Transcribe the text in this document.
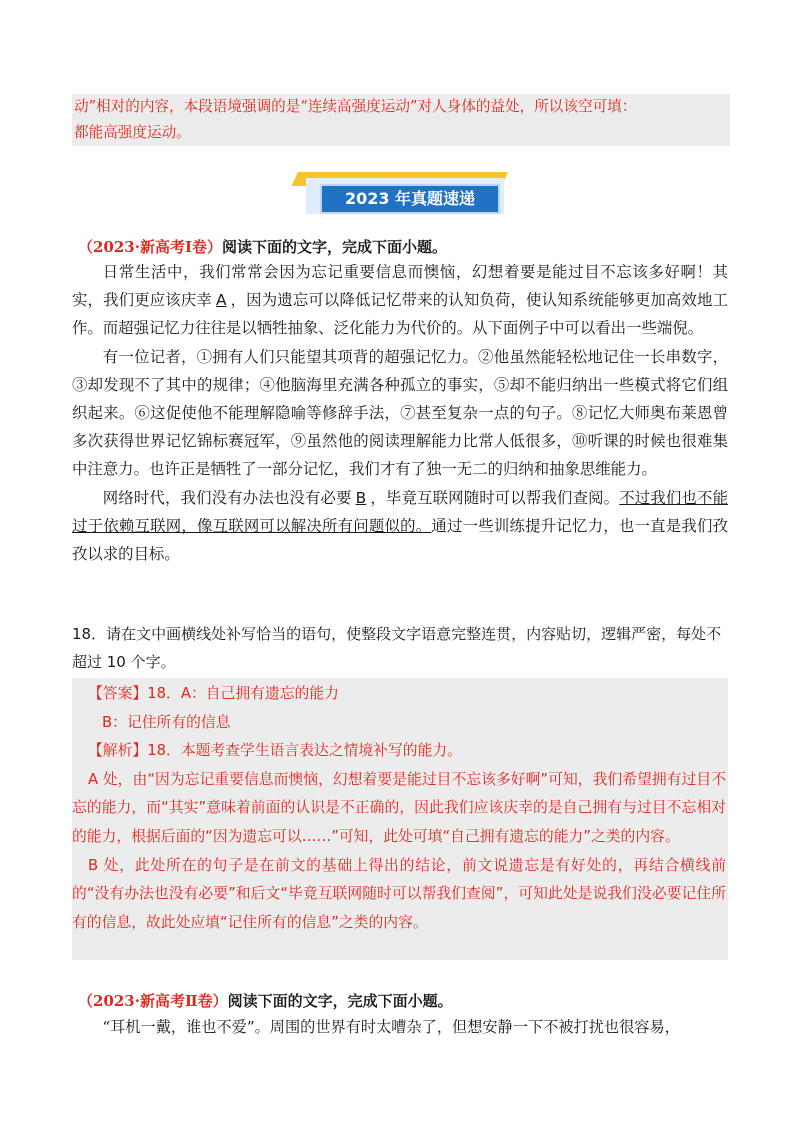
动”相对的内容，本段语境强调的是“连续高强度运动”对人身体的益处，所以该空可填：
都能高强度运动。
2023 年真题速递
（2023·新高考Ⅰ卷）阅读下面的文字，完成下面小题。

日常生活中，我们常常会因为忘记重要信息而懊恼，幻想着要是能过目不忘该多好啊！其实，我们更应该庆幸 A ，因为遗忘可以降低记忆带来的认知负荷，使认知系统能够更加高效地工作。而超强记忆力往往是以牺牲抽象、泛化能力为代价的。从下面例子中可以看出一些端倪。

有一位记者，①拥有人们只能望其项背的超强记忆力。②他虽然能轻松地记住一长串数字，③却发现不了其中的规律；④他脑海里充满各种孤立的事实，⑤却不能归纳出一些模式将它们组织起来。⑥这促使他不能理解隐喻等修辞手法，⑦甚至复杂一点的句子。⑧记忆大师奥布莱恩曾多次获得世界记忆锦标赛冠军，⑨虽然他的阅读理解能力比常人低很多，⑩听课的时候也很难集中注意力。也许正是牺牲了一部分记忆，我们才有了独一无二的归纳和抽象思维能力。

网络时代，我们没有办法也没有必要 B ，毕竟互联网随时可以帮我们查阅。不过我们也不能过于依赖互联网，像互联网可以解决所有问题似的。通过一些训练提升记忆力，也一直是我们孜孜以求的目标。

18．请在文中画横线处补写恰当的语句，使整段文字语意完整连贯，内容贴切，逻辑严密，每处不超过 10 个字。
【答案】18．A：自己拥有遗忘的能力
B：记住所有的信息
【解析】18．本题考查学生语言表达之情境补写的能力。
A 处，由“因为忘记重要信息而懊恼，幻想着要是能过目不忘该多好啊”可知，我们希望拥有过目不忘的能力，而“其实”意味着前面的认识是不正确的，因此我们应该庆幸的是自己拥有与过目不忘相对的能力，根据后面的“因为遗忘可以……”可知，此处可填“自己拥有遗忘的能力”之类的内容。
B 处，此处所在的句子是在前文的基础上得出的结论，前文说遗忘是有好处的，再结合横线前的“没有办法也没有必要”和后文“毕竟互联网随时可以帮我们查阅”，可知此处是说我们没必要记住所有的信息，故此处应填“记住所有的信息”之类的内容。
（2023·新高考Ⅱ卷）阅读下面的文字，完成下面小题。
“耳机一戴，谁也不爱”。周围的世界有时太嘈杂了，但想安静一下不被打扰也很容易，
